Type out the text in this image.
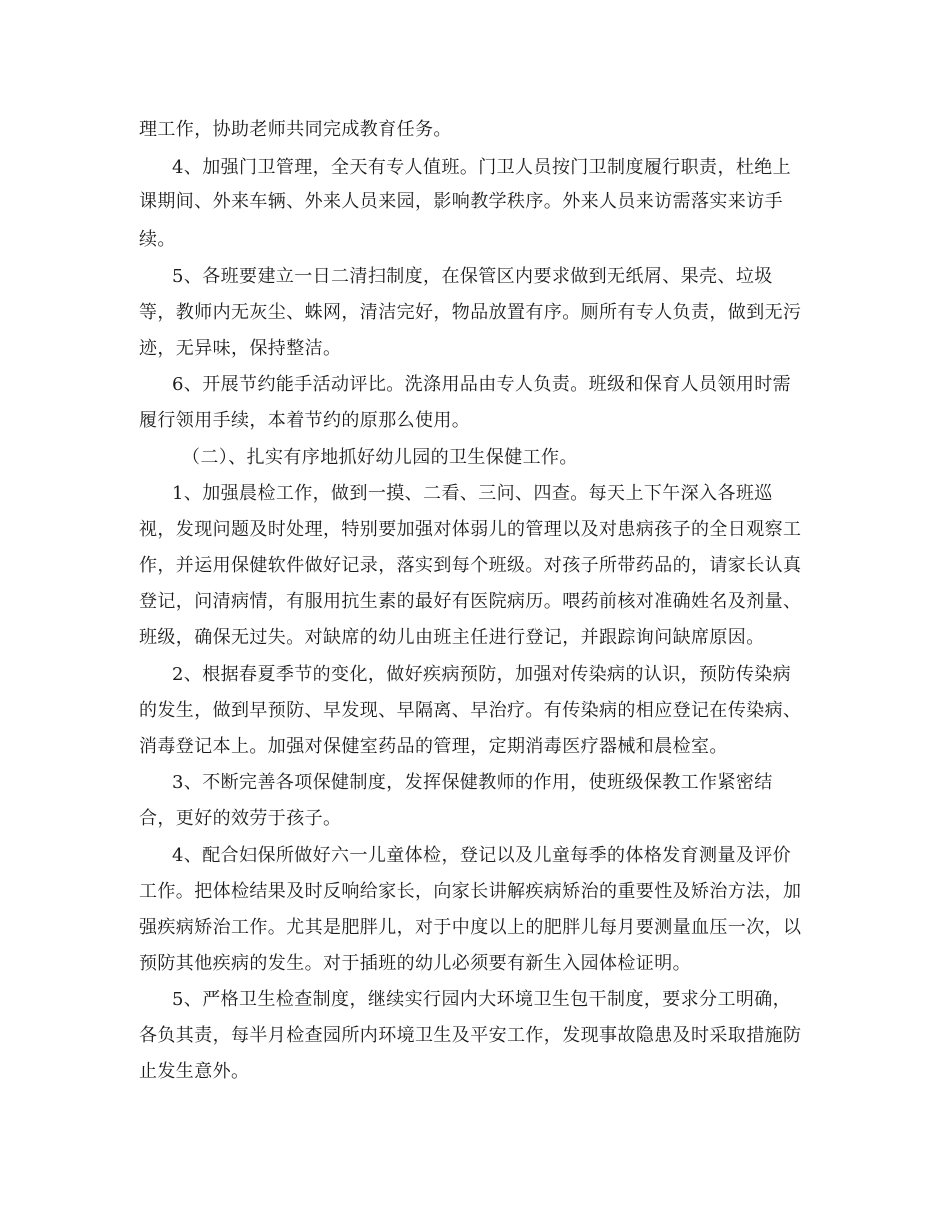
理工作，协助老师共同完成教育任务。

4、加强门卫管理，全天有专人值班。门卫人员按门卫制度履行职责，杜绝上

课期间、外来车辆、外来人员来园，影响教学秩序。外来人员来访需落实来访手

续。

5、各班要建立一日二清扫制度，在保管区内要求做到无纸屑、果壳、垃圾

等，教师内无灰尘、蛛网，清洁完好，物品放置有序。厕所有专人负责，做到无污

迹，无异味，保持整洁。

6、开展节约能手活动评比。洗涤用品由专人负责。班级和保育人员领用时需

履行领用手续，本着节约的原那么使用。

（二）、扎实有序地抓好幼儿园的卫生保健工作。

1、加强晨检工作，做到一摸、二看、三问、四查。每天上下午深入各班巡

视，发现问题及时处理，特别要加强对体弱儿的管理以及对患病孩子的全日观察工

作，并运用保健软件做好记录，落实到每个班级。对孩子所带药品的，请家长认真

登记，问清病情，有服用抗生素的最好有医院病历。喂药前核对准确姓名及剂量、

班级，确保无过失。对缺席的幼儿由班主任进行登记，并跟踪询问缺席原因。

2、根据春夏季节的变化，做好疾病预防，加强对传染病的认识，预防传染病

的发生，做到早预防、早发现、早隔离、早治疗。有传染病的相应登记在传染病、

消毒登记本上。加强对保健室药品的管理，定期消毒医疗器械和晨检室。

3、不断完善各项保健制度，发挥保健教师的作用，使班级保教工作紧密结

合，更好的效劳于孩子。

4、配合妇保所做好六一儿童体检，登记以及儿童每季的体格发育测量及评价

工作。把体检结果及时反响给家长，向家长讲解疾病矫治的重要性及矫治方法，加

强疾病矫治工作。尤其是肥胖儿，对于中度以上的肥胖儿每月要测量血压一次，以

预防其他疾病的发生。对于插班的幼儿必须要有新生入园体检证明。

5、严格卫生检查制度，继续实行园内大环境卫生包干制度，要求分工明确，

各负其责，每半月检查园所内环境卫生及平安工作，发现事故隐患及时采取措施防

止发生意外。
